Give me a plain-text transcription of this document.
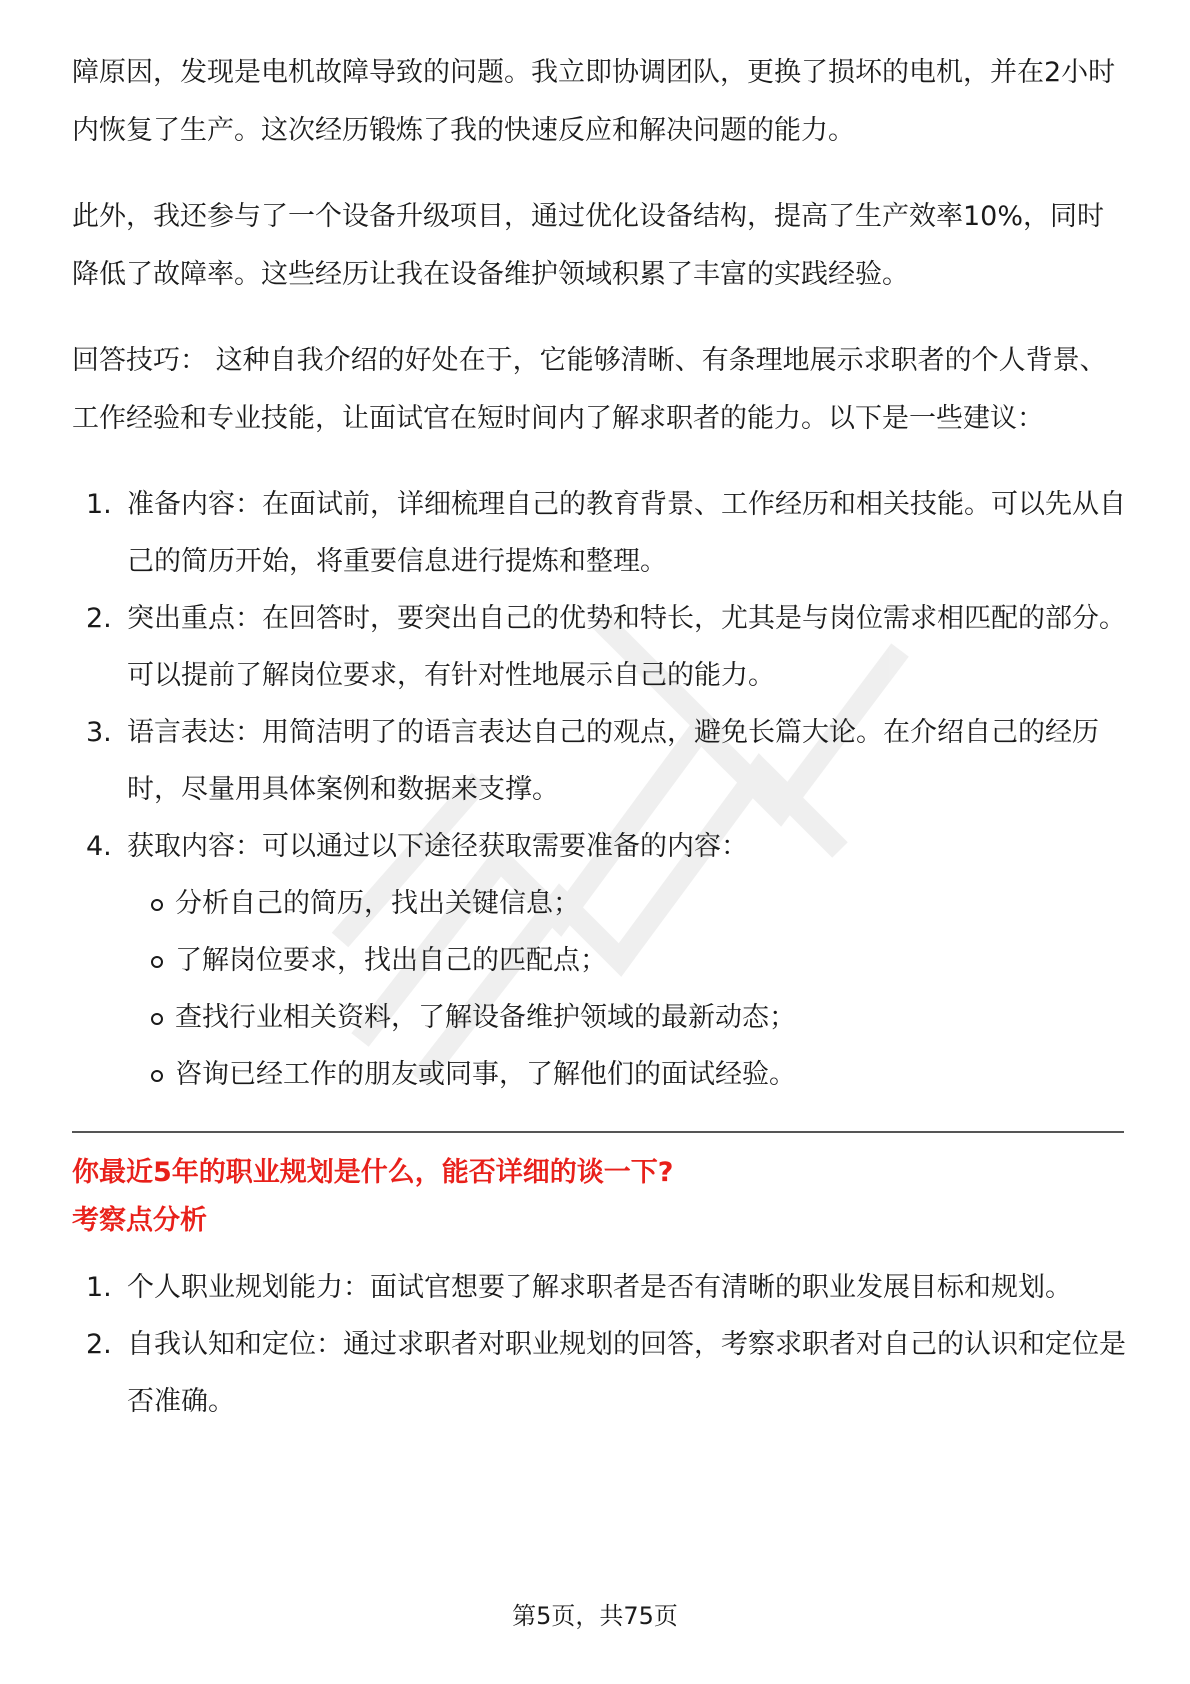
障原因，发现是电机故障导致的问题。我立即协调团队，更换了损坏的电机，并在2小时内恢复了生产。这次经历锻炼了我的快速反应和解决问题的能力。

此外，我还参与了一个设备升级项目，通过优化设备结构，提高了生产效率10%，同时降低了故障率。这些经历让我在设备维护领域积累了丰富的实践经验。

回答技巧： 这种自我介绍的好处在于，它能够清晰、有条理地展示求职者的个人背景、工作经验和专业技能，让面试官在短时间内了解求职者的能力。以下是一些建议：

1. 准备内容：在面试前，详细梳理自己的教育背景、工作经历和相关技能。可以先从自己的简历开始，将重要信息进行提炼和整理。
2. 突出重点：在回答时，要突出自己的优势和特长，尤其是与岗位需求相匹配的部分。可以提前了解岗位要求，有针对性地展示自己的能力。
3. 语言表达：用简洁明了的语言表达自己的观点，避免长篇大论。在介绍自己的经历时，尽量用具体案例和数据来支撑。
4. 获取内容：可以通过以下途径获取需要准备的内容：
分析自己的简历，找出关键信息；
了解岗位要求，找出自己的匹配点；
查找行业相关资料，了解设备维护领域的最新动态；
咨询已经工作的朋友或同事，了解他们的面试经验。
你最近5年的职业规划是什么，能否详细的谈一下?
考察点分析
1. 个人职业规划能力：面试官想要了解求职者是否有清晰的职业发展目标和规划。
2. 自我认知和定位：通过求职者对职业规划的回答，考察求职者对自己的认识和定位是否准确。
第5页，共75页
